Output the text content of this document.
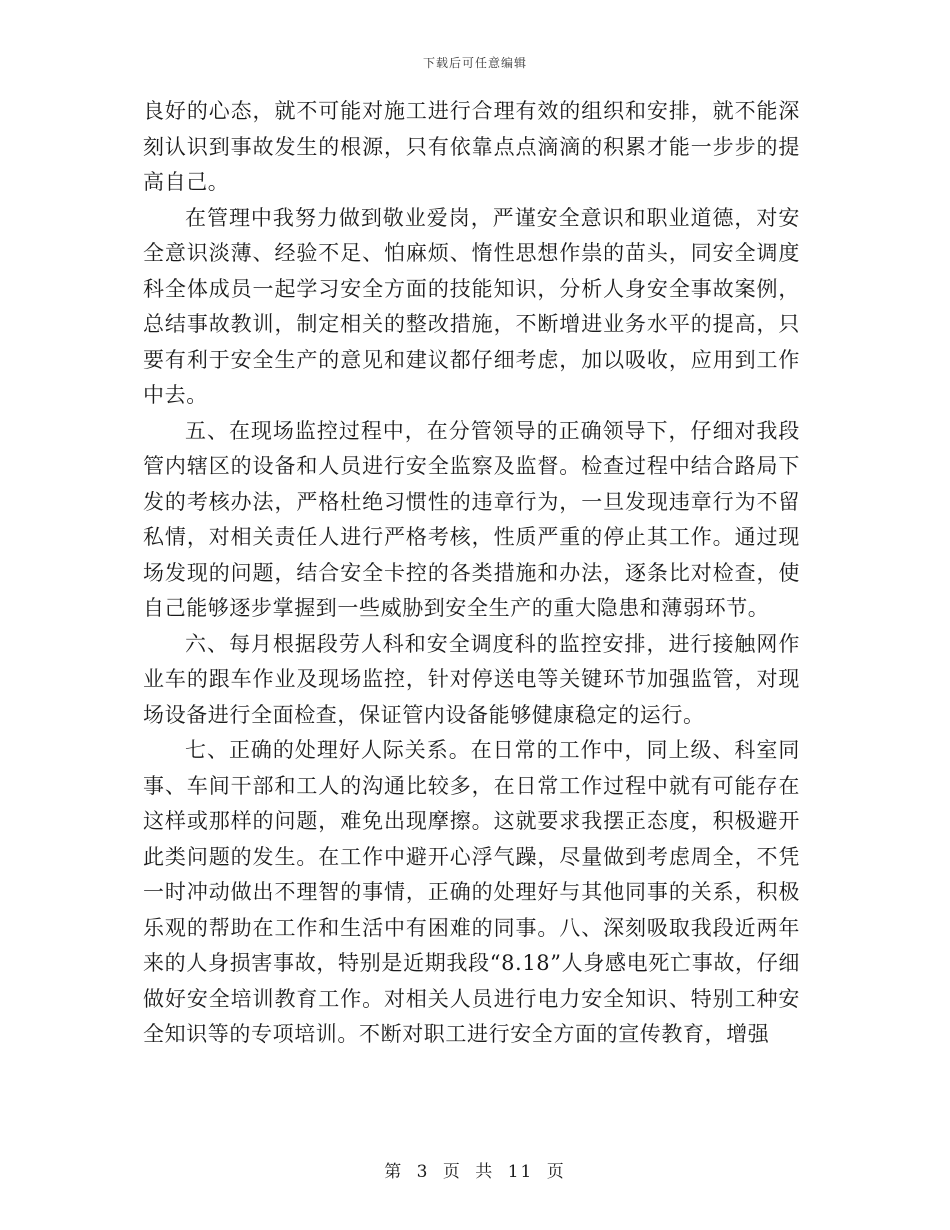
下载后可任意编辑

良好的心态，就不可能对施工进行合理有效的组织和安排，就不能深刻认识到事故发生的根源，只有依靠点点滴滴的积累才能一步步的提高自己。

在管理中我努力做到敬业爱岗，严谨安全意识和职业道德，对安全意识淡薄、经验不足、怕麻烦、惰性思想作祟的苗头，同安全调度科全体成员一起学习安全方面的技能知识，分析人身安全事故案例，总结事故教训，制定相关的整改措施，不断增进业务水平的提高，只要有利于安全生产的意见和建议都仔细考虑，加以吸收，应用到工作中去。

五、在现场监控过程中，在分管领导的正确领导下，仔细对我段管内辖区的设备和人员进行安全监察及监督。检查过程中结合路局下发的考核办法，严格杜绝习惯性的违章行为，一旦发现违章行为不留私情，对相关责任人进行严格考核，性质严重的停止其工作。通过现场发现的问题，结合安全卡控的各类措施和办法，逐条比对检查，使自己能够逐步掌握到一些威胁到安全生产的重大隐患和薄弱环节。

六、每月根据段劳人科和安全调度科的监控安排，进行接触网作业车的跟车作业及现场监控，针对停送电等关键环节加强监管，对现场设备进行全面检查，保证管内设备能够健康稳定的运行。

七、正确的处理好人际关系。在日常的工作中，同上级、科室同事、车间干部和工人的沟通比较多，在日常工作过程中就有可能存在这样或那样的问题，难免出现摩擦。这就要求我摆正态度，积极避开此类问题的发生。在工作中避开心浮气躁，尽量做到考虑周全，不凭一时冲动做出不理智的事情，正确的处理好与其他同事的关系，积极乐观的帮助在工作和生活中有困难的同事。八、深刻吸取我段近两年来的人身损害事故，特别是近期我段“8.18”人身感电死亡事故，仔细做好安全培训教育工作。对相关人员进行电力安全知识、特别工种安全知识等的专项培训。不断对职工进行安全方面的宣传教育，增强

第 3 页 共 11 页
